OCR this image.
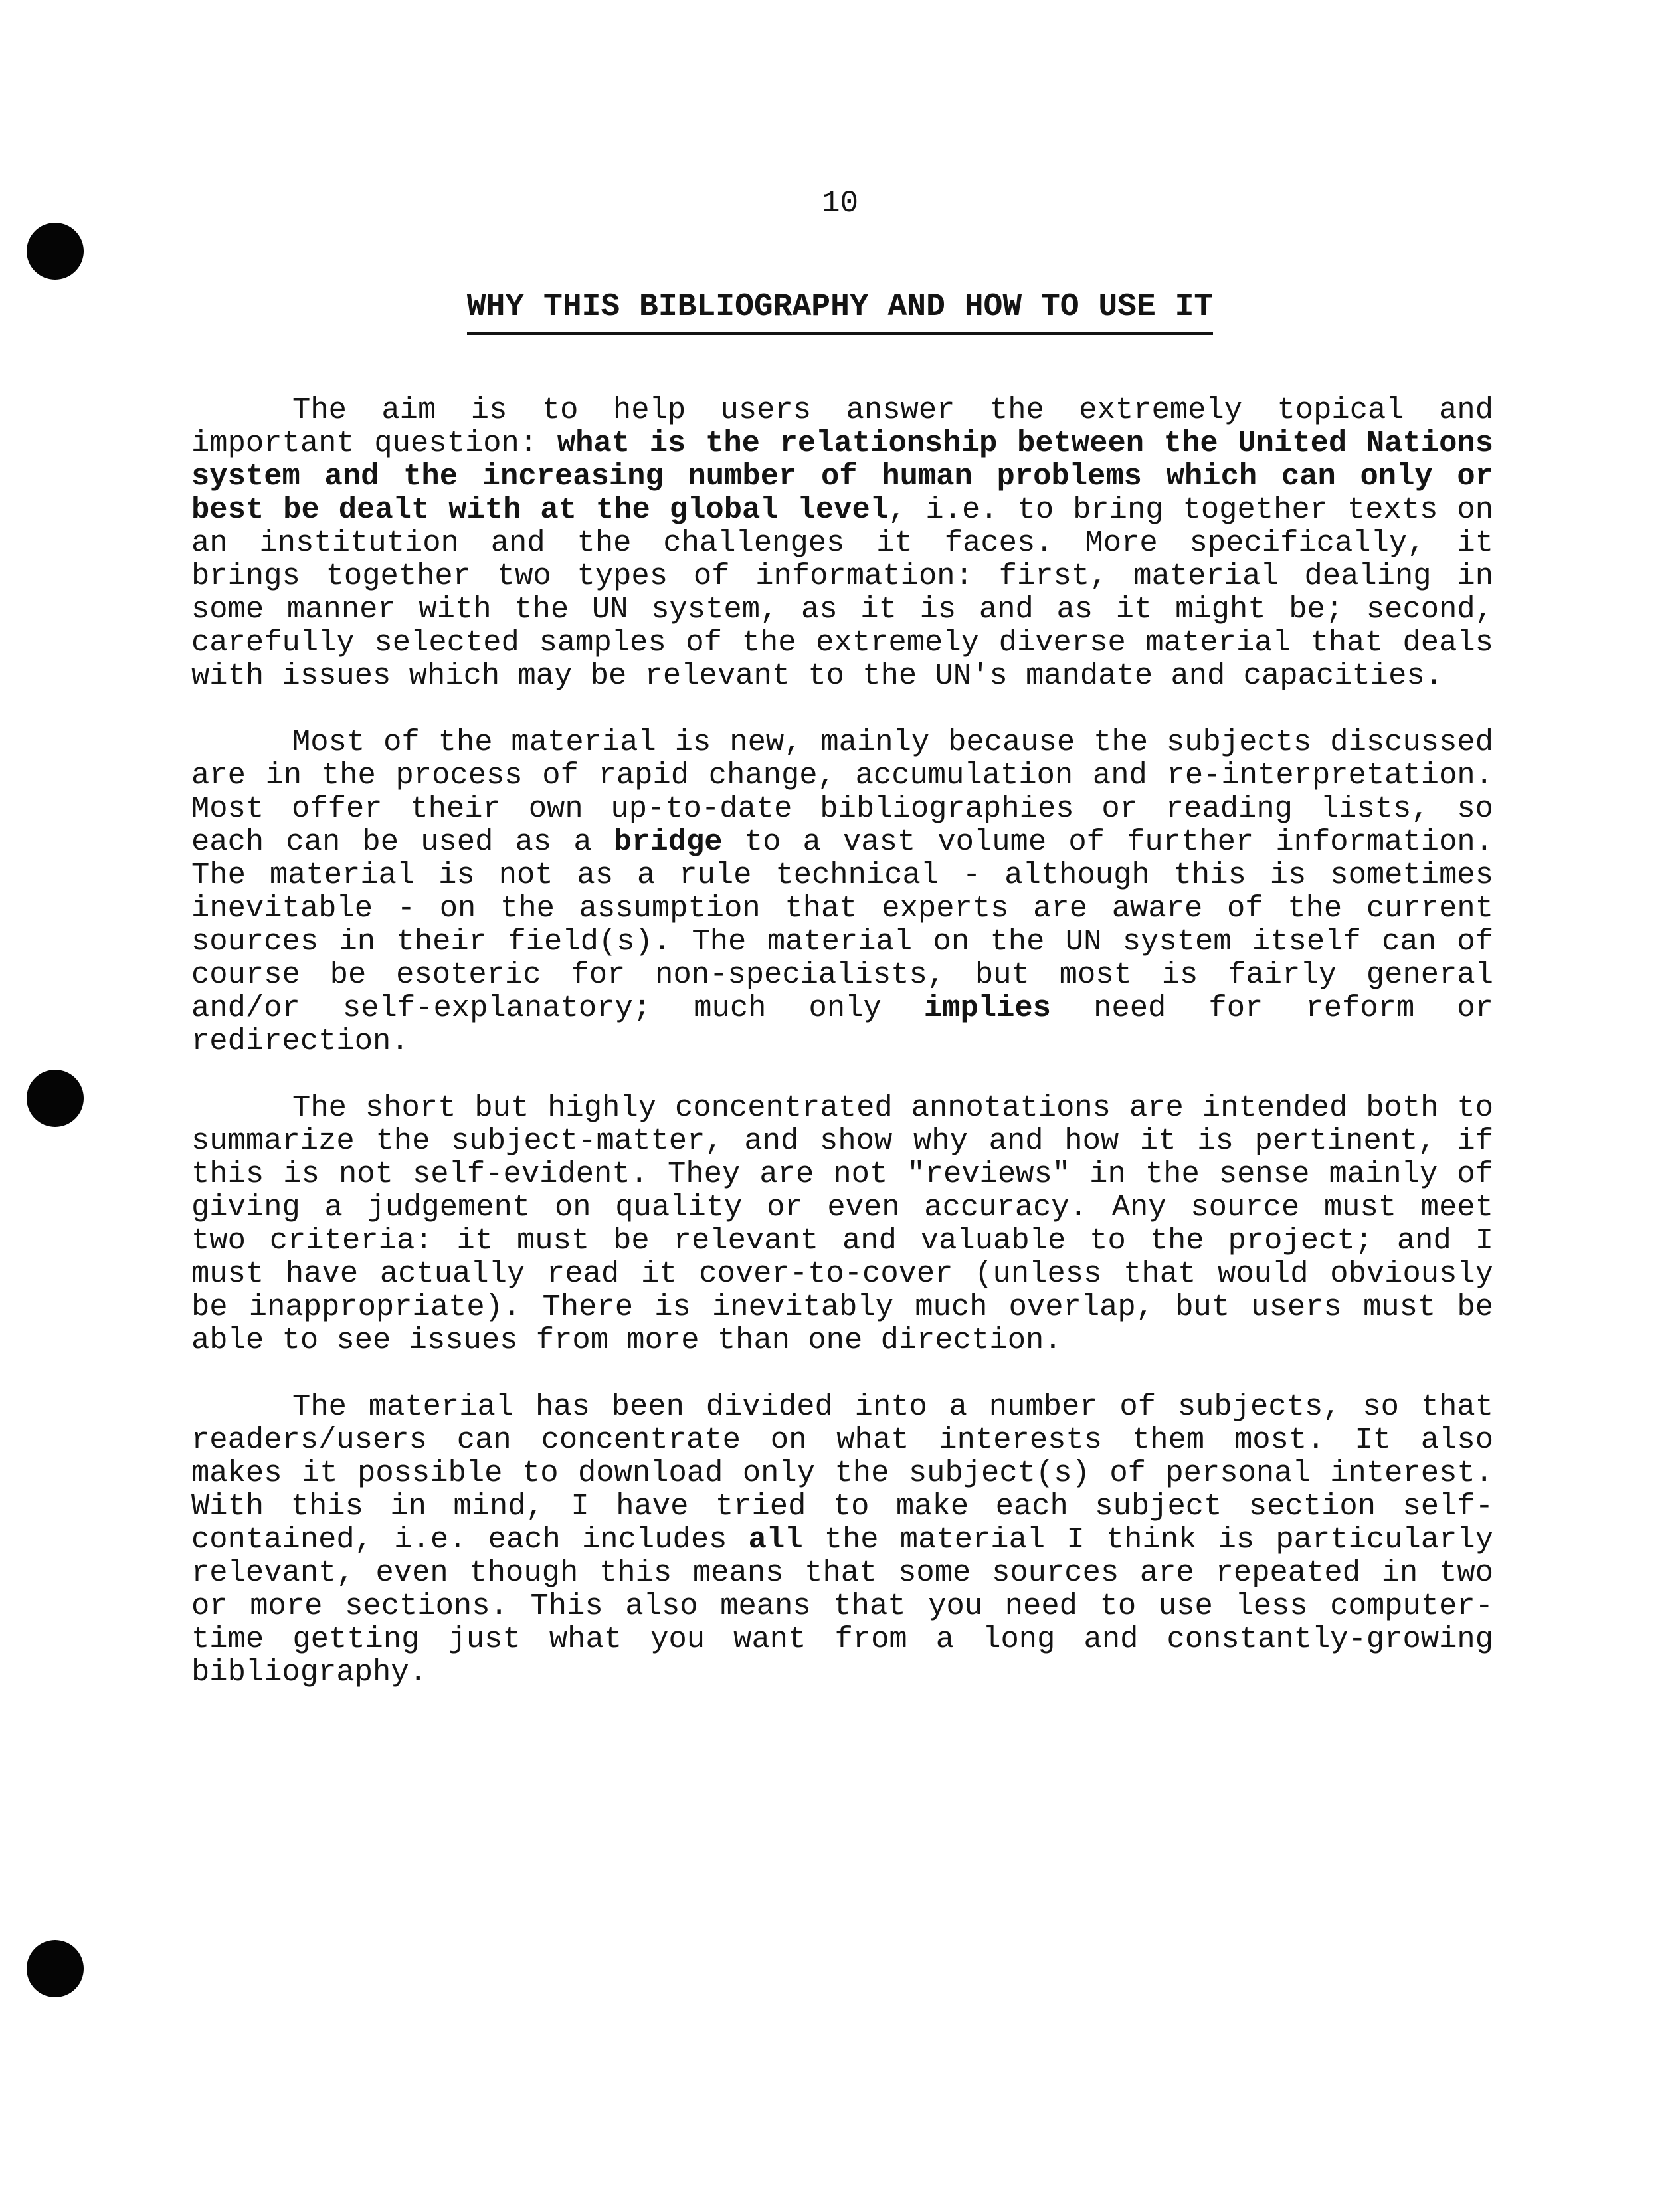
10
WHY THIS BIBLIOGRAPHY AND HOW TO USE IT

The aim is to help users answer the extremely topical and important question: what is the relationship between the United Nations system and the increasing number of human problems which can only or best be dealt with at the global level, i.e. to bring together texts on an institution and the challenges it faces. More specifically, it brings together two types of information: first, material dealing in some manner with the UN system, as it is and as it might be; second, carefully selected samples of the extremely diverse material that deals with issues which may be relevant to the UN's mandate and capacities.

Most of the material is new, mainly because the subjects discussed are in the process of rapid change, accumulation and re-interpretation. Most offer their own up-to-date bibliographies or reading lists, so each can be used as a bridge to a vast volume of further information. The material is not as a rule technical - although this is sometimes inevitable - on the assumption that experts are aware of the current sources in their field(s). The material on the UN system itself can of course be esoteric for non-specialists, but most is fairly general and/or self-explanatory; much only implies need for reform or redirection.

The short but highly concentrated annotations are intended both to summarize the subject-matter, and show why and how it is pertinent, if this is not self-evident. They are not "reviews" in the sense mainly of giving a judgement on quality or even accuracy. Any source must meet two criteria: it must be relevant and valuable to the project; and I must have actually read it cover-to-cover (unless that would obviously be inappropriate). There is inevitably much overlap, but users must be able to see issues from more than one direction.

The material has been divided into a number of subjects, so that readers/users can concentrate on what interests them most. It also makes it possible to download only the subject(s) of personal interest. With this in mind, I have tried to make each subject section self-contained, i.e. each includes all the material I think is particularly relevant, even though this means that some sources are repeated in two or more sections. This also means that you need to use less computer-time getting just what you want from a long and constantly-growing bibliography.
